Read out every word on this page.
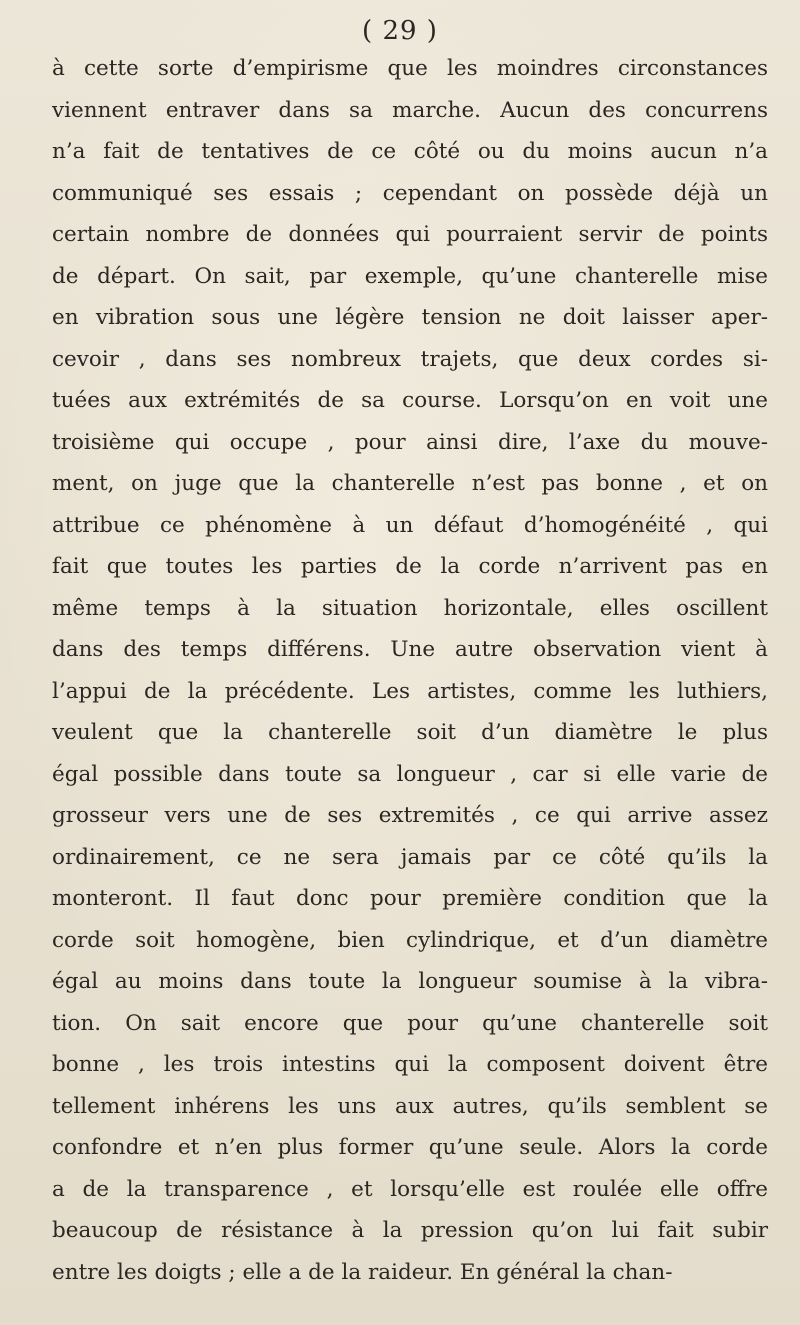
( 29 )
à cette sorte d’empirisme que les moindres circonstances
viennent entraver dans sa marche. Aucun des concurrens
n’a fait de tentatives de ce côté ou du moins aucun n’a
communiqué ses essais ; cependant on possède déjà un
certain nombre de données qui pourraient servir de points
de départ. On sait, par exemple, qu’une chanterelle mise
en vibration sous une légère tension ne doit laisser aper-
cevoir , dans ses nombreux trajets, que deux cordes si-
tuées aux extrémités de sa course. Lorsqu’on en voit une
troisième qui occupe , pour ainsi dire, l’axe du mouve-
ment, on juge que la chanterelle n’est pas bonne , et on
attribue ce phénomène à un défaut d’homogénéité , qui
fait que toutes les parties de la corde n’arrivent pas en
même temps à la situation horizontale, elles oscillent
dans des temps différens. Une autre observation vient à
l’appui de la précédente. Les artistes, comme les luthiers,
veulent que la chanterelle soit d’un diamètre le plus
égal possible dans toute sa longueur , car si elle varie de
grosseur vers une de ses extremités , ce qui arrive assez
ordinairement, ce ne sera jamais par ce côté qu’ils la
monteront. Il faut donc pour première condition que la
corde soit homogène, bien cylindrique, et d’un diamètre
égal au moins dans toute la longueur soumise à la vibra-
tion. On sait encore que pour qu’une chanterelle soit
bonne , les trois intestins qui la composent doivent être
tellement inhérens les uns aux autres, qu’ils semblent se
confondre et n’en plus former qu’une seule. Alors la corde
a de la transparence , et lorsqu’elle est roulée elle offre
beaucoup de résistance à la pression qu’on lui fait subir
entre les doigts ; elle a de la raideur. En général la chan-
